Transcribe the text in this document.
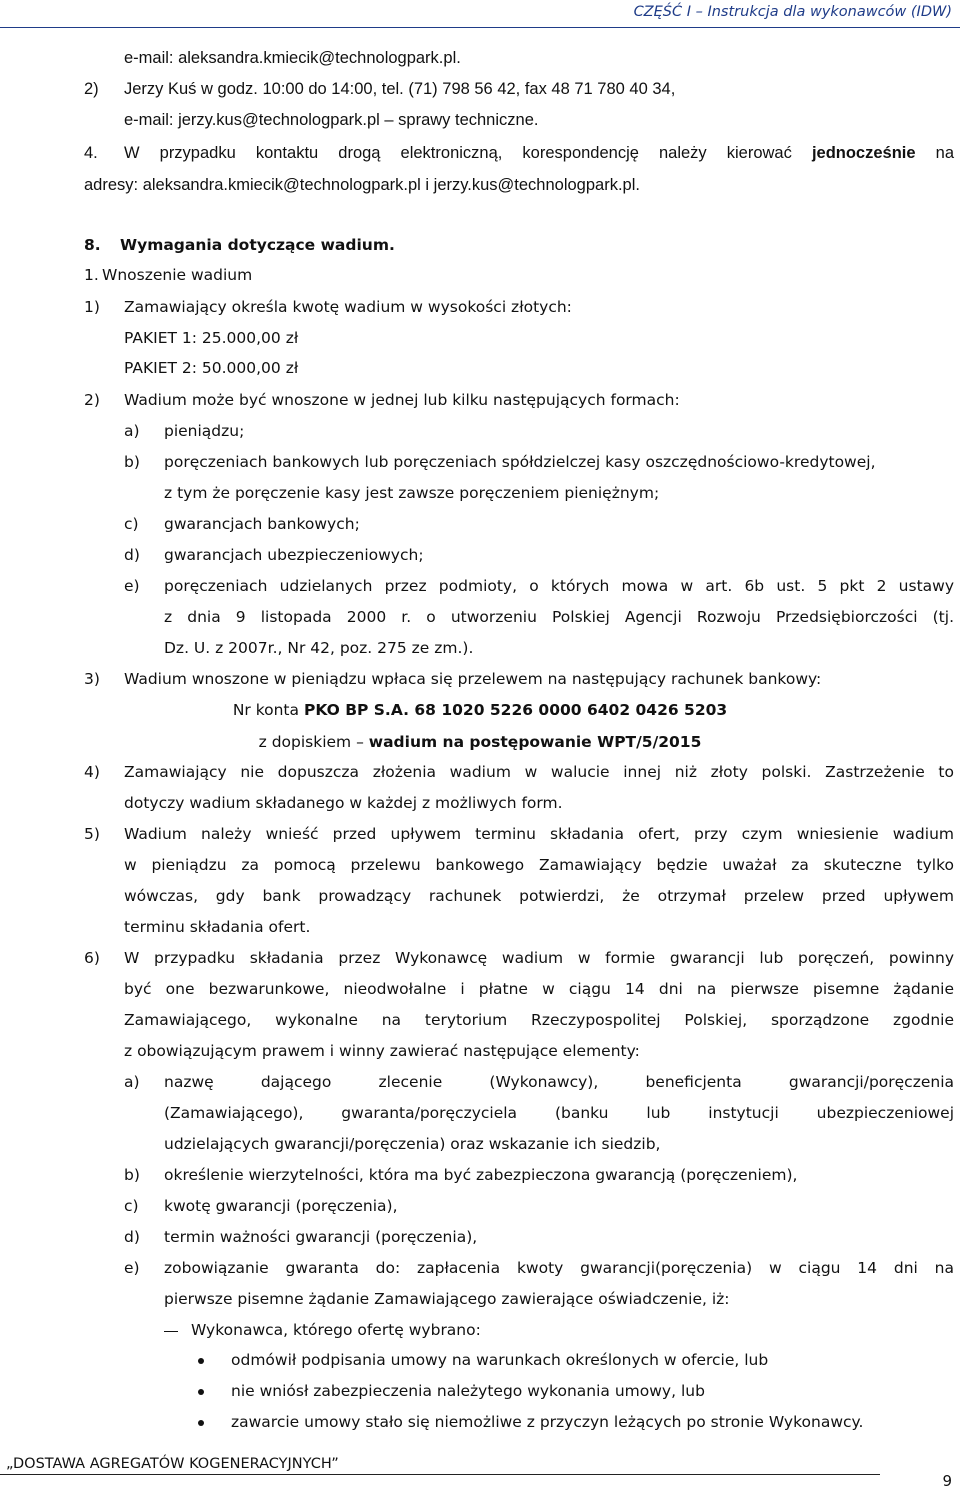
CZĘŚĆ I – Instrukcja dla wykonawców (IDW)
e-mail: aleksandra.kmiecik@technologpark.pl.
2) Jerzy Kuś w godz. 10:00 do 14:00, tel. (71) 798 56 42, fax 48 71 780 40 34,
e-mail: jerzy.kus@technologpark.pl – sprawy techniczne.
4. W przypadku kontaktu drogą elektroniczną, korespondencję należy kierować jednocześnie na
adresy: aleksandra.kmiecik@technologpark.pl i jerzy.kus@technologpark.pl.
8. Wymagania dotyczące wadium.
1. Wnoszenie wadium
1) Zamawiający określa kwotę wadium w wysokości złotych:
PAKIET 1: 25.000,00 zł
PAKIET 2: 50.000,00 zł
2) Wadium może być wnoszone w jednej lub kilku następujących formach:
a) pieniądzu;
b) poręczeniach bankowych lub poręczeniach spółdzielczej kasy oszczędnościowo-kredytowej,
z tym że poręczenie kasy jest zawsze poręczeniem pieniężnym;
c) gwarancjach bankowych;
d) gwarancjach ubezpieczeniowych;
e) poręczeniach udzielanych przez podmioty, o których mowa w art. 6b ust. 5 pkt 2 ustawy
z dnia 9 listopada 2000 r. o utworzeniu Polskiej Agencji Rozwoju Przedsiębiorczości (tj.
Dz. U. z 2007r., Nr 42, poz. 275 ze zm.).
3) Wadium wnoszone w pieniądzu wpłaca się przelewem na następujący rachunek bankowy:
Nr konta PKO BP S.A. 68 1020 5226 0000 6402 0426 5203
z dopiskiem – wadium na postępowanie WPT/5/2015
4) Zamawiający nie dopuszcza złożenia wadium w walucie innej niż złoty polski. Zastrzeżenie to
dotyczy wadium składanego w każdej z możliwych form.
5) Wadium należy wnieść przed upływem terminu składania ofert, przy czym wniesienie wadium
w pieniądzu za pomocą przelewu bankowego Zamawiający będzie uważał za skuteczne tylko
wówczas, gdy bank prowadzący rachunek potwierdzi, że otrzymał przelew przed upływem
terminu składania ofert.
6) W przypadku składania przez Wykonawcę wadium w formie gwarancji lub poręczeń, powinny
być one bezwarunkowe, nieodwołalne i płatne w ciągu 14 dni na pierwsze pisemne żądanie
Zamawiającego, wykonalne na terytorium Rzeczypospolitej Polskiej, sporządzone zgodnie
z obowiązującym prawem i winny zawierać następujące elementy:
a) nazwę dającego zlecenie (Wykonawcy), beneficjenta gwarancji/poręczenia
(Zamawiającego), gwaranta/poręczyciela (banku lub instytucji ubezpieczeniowej
udzielających gwarancji/poręczenia) oraz wskazanie ich siedzib,
b) określenie wierzytelności, która ma być zabezpieczona gwarancją (poręczeniem),
c) kwotę gwarancji (poręczenia),
d) termin ważności gwarancji (poręczenia),
e) zobowiązanie gwaranta do: zapłacenia kwoty gwarancji(poręczenia) w ciągu 14 dni na
pierwsze pisemne żądanie Zamawiającego zawierające oświadczenie, iż:
Wykonawca, którego ofertę wybrano:
odmówił podpisania umowy na warunkach określonych w ofercie, lub
nie wniósł zabezpieczenia należytego wykonania umowy, lub
zawarcie umowy stało się niemożliwe z przyczyn leżących po stronie Wykonawcy.
„DOSTAWA AGREGATÓW KOGENERACYJNYCH”
9
